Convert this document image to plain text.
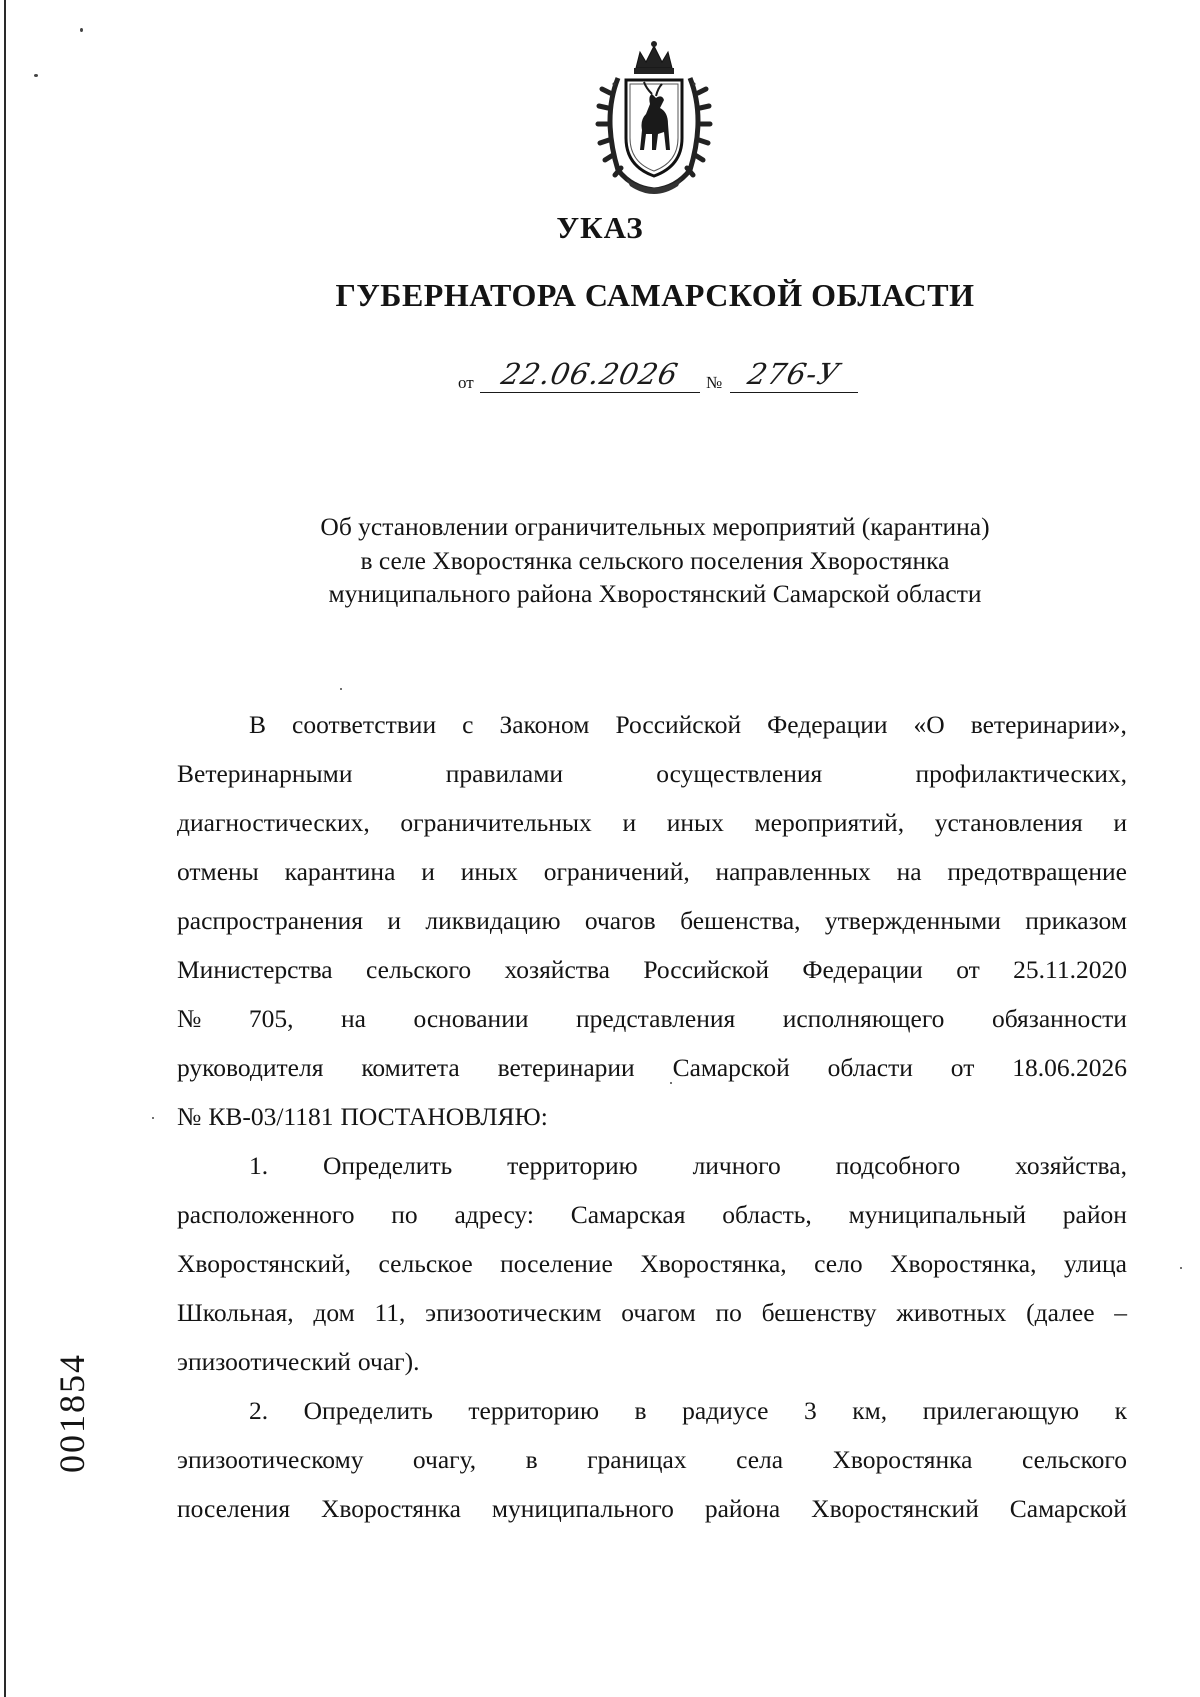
УКАЗ
ГУБЕРНАТОРА САМАРСКОЙ ОБЛАСТИ
от 22.06.2026	№ 276-У
Об установлении ограничительных мероприятий (карантина)
в селе Хворостянка сельского поселения Хворостянка
муниципального района Хворостянский Самарской области
В соответствии с Законом Российской Федерации «О ветеринарии»,
Ветеринарными	правилами	осуществления	профилактических,
диагностических, ограничительных и иных мероприятий, установления и
отмены карантина и иных ограничений, направленных на предотвращение
распространения и ликвидацию очагов бешенства, утвержденными приказом
Министерства сельского хозяйства Российской Федерации от 25.11.2020
№ 705, на основании представления исполняющего обязанности
руководителя комитета ветеринарии Самарской области от 18.06.2026
№ КВ-03/1181 ПОСТАНОВЛЯЮ:
1. Определить территорию личного подсобного хозяйства,
расположенного по адресу: Самарская область, муниципальный район
Хворостянский, сельское поселение Хворостянка, село Хворостянка, улица
Школьная, дом 11, эпизоотическим очагом по бешенству животных (далее –
эпизоотический очаг).
2. Определить территорию в радиусе 3 км, прилегающую к
эпизоотическому очагу, в границах села Хворостянка сельского
поселения Хворостянка муниципального района Хворостянский Самарской
001854
